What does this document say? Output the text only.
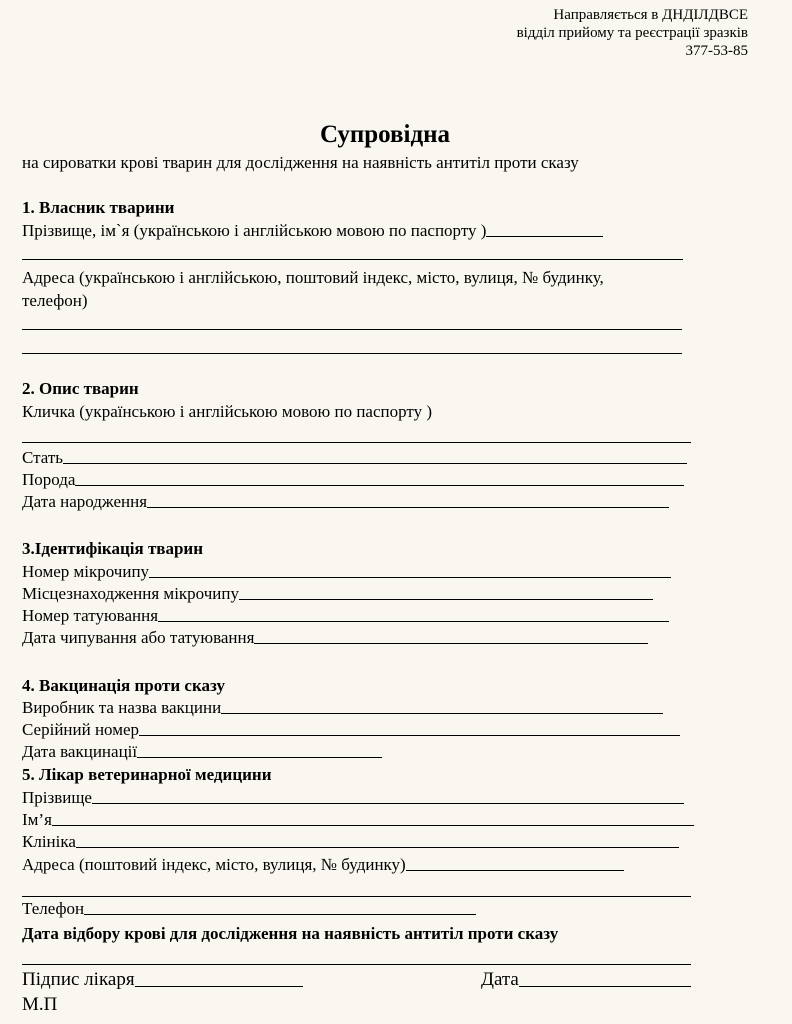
Направляється в ДНДІЛДВСЕ
відділ прийому та реєстрації зразків
377-53-85
Супровідна
на сироватки крові тварин для дослідження на наявність антитіл проти сказу
1. Власник тварини
Прізвище, ім`я (українською і англійською мовою по паспорту )
Адреса (українською і англійською, поштовий індекс, місто, вулиця, № будинку,
телефон)
2. Опис тварин
Кличка (українською і англійською мовою по паспорту )
Стать
Порода
Дата народження
3.Ідентифікація тварин
Номер мікрочипу
Місцезнаходження мікрочипу
Номер татуювання
Дата чипування або татуювання
4. Вакцинація проти сказу
Виробник та назва вакцини
Серійний номер
Дата вакцинації
5. Лікар ветеринарної медицини
Прізвище
Ім’я
Клініка
Адреса (поштовий індекс, місто, вулиця, № будинку)
Телефон
Дата відбору крові для дослідження на наявність антитіл проти сказу
Підпис лікаря	Дата
М.П
